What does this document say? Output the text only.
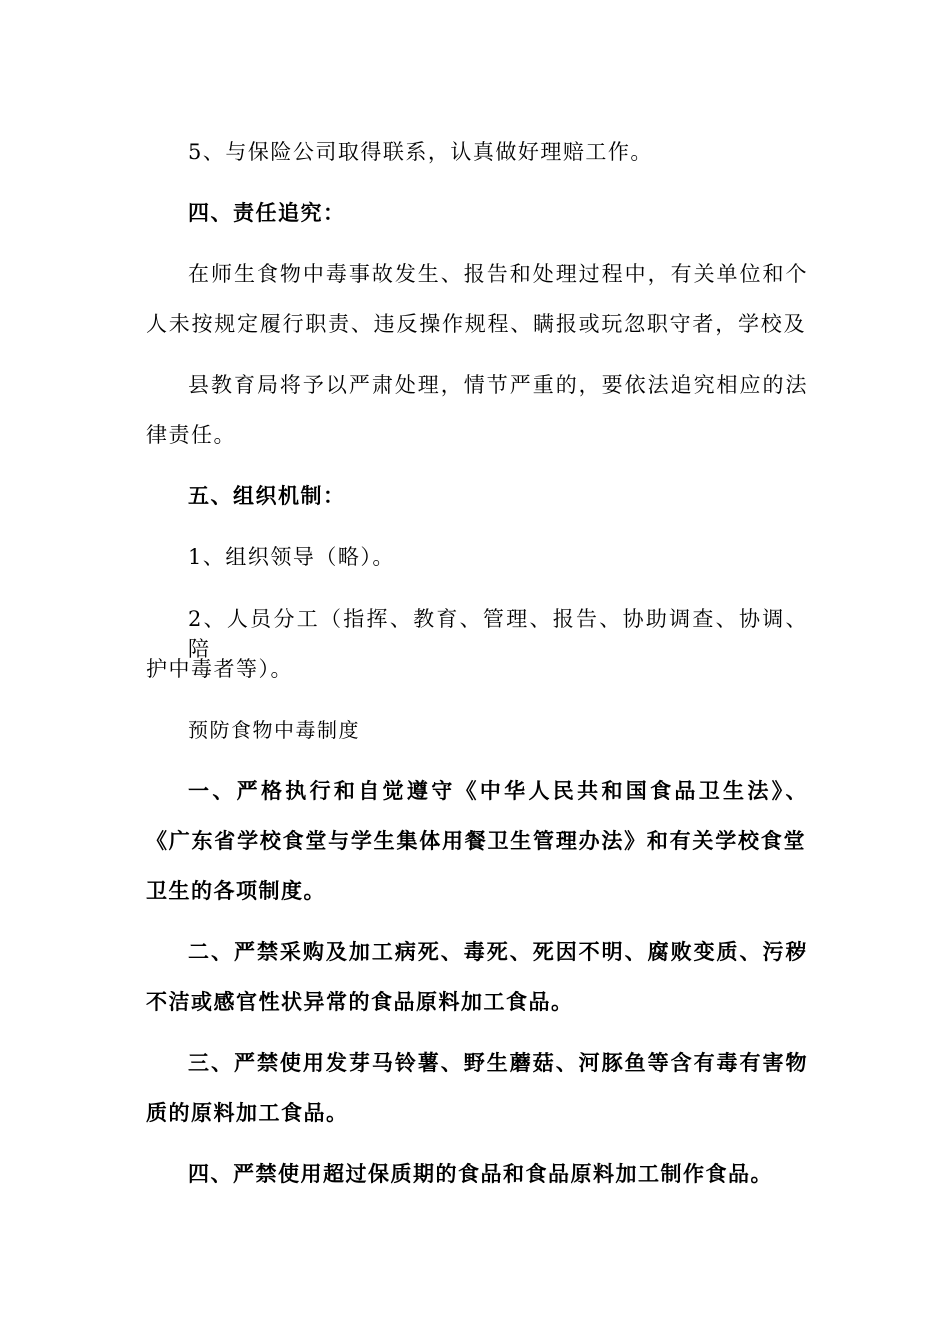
5、与保险公司取得联系，认真做好理赔工作。
四、责任追究：
在师生食物中毒事故发生、报告和处理过程中，有关单位和个
人未按规定履行职责、违反操作规程、瞒报或玩忽职守者，学校及
县教育局将予以严肃处理，情节严重的，要依法追究相应的法
律责任。
五、组织机制：
1、组织领导（略）。
2、人员分工（指挥、教育、管理、报告、协助调查、协调、陪
护中毒者等）。
预防食物中毒制度
一、严格执行和自觉遵守《中华人民共和国食品卫生法》、
《广东省学校食堂与学生集体用餐卫生管理办法》和有关学校食堂
卫生的各项制度。
二、严禁采购及加工病死、毒死、死因不明、腐败变质、污秽
不洁或感官性状异常的食品原料加工食品。
三、严禁使用发芽马铃薯、野生蘑菇、河豚鱼等含有毒有害物
质的原料加工食品。
四、严禁使用超过保质期的食品和食品原料加工制作食品。
